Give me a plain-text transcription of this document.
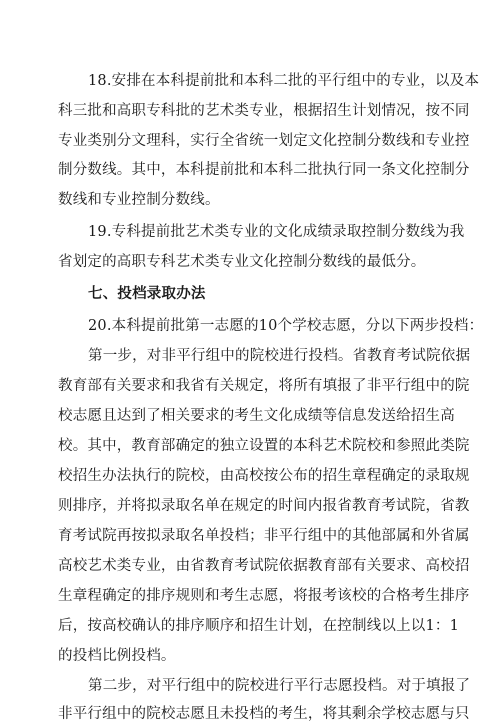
18.安排在本科提前批和本科二批的平行组中的专业，以及本
科三批和高职专科批的艺术类专业，根据招生计划情况，按不同
专业类别分文理科，实行全省统一划定文化控制分数线和专业控
制分数线。其中，本科提前批和本科二批执行同一条文化控制分
数线和专业控制分数线。
19.专科提前批艺术类专业的文化成绩录取控制分数线为我
省划定的高职专科艺术类专业文化控制分数线的最低分。
七、投档录取办法
20.本科提前批第一志愿的10个学校志愿，分以下两步投档：
第一步，对非平行组中的院校进行投档。省教育考试院依据
教育部有关要求和我省有关规定，将所有填报了非平行组中的院
校志愿且达到了相关要求的考生文化成绩等信息发送给招生高
校。其中，教育部确定的独立设置的本科艺术院校和参照此类院
校招生办法执行的院校，由高校按公布的招生章程确定的录取规
则排序，并将拟录取名单在规定的时间内报省教育考试院，省教
育考试院再按拟录取名单投档；非平行组中的其他部属和外省属
高校艺术类专业，由省教育考试院依据教育部有关要求、高校招
生章程确定的排序规则和考生志愿，将报考该校的合格考生排序
后，按高校确认的排序顺序和招生计划，在控制线以上以1：1
的投档比例投档。
第二步，对平行组中的院校进行平行志愿投档。对于填报了
非平行组中的院校志愿且未投档的考生，将其剩余学校志愿与只
